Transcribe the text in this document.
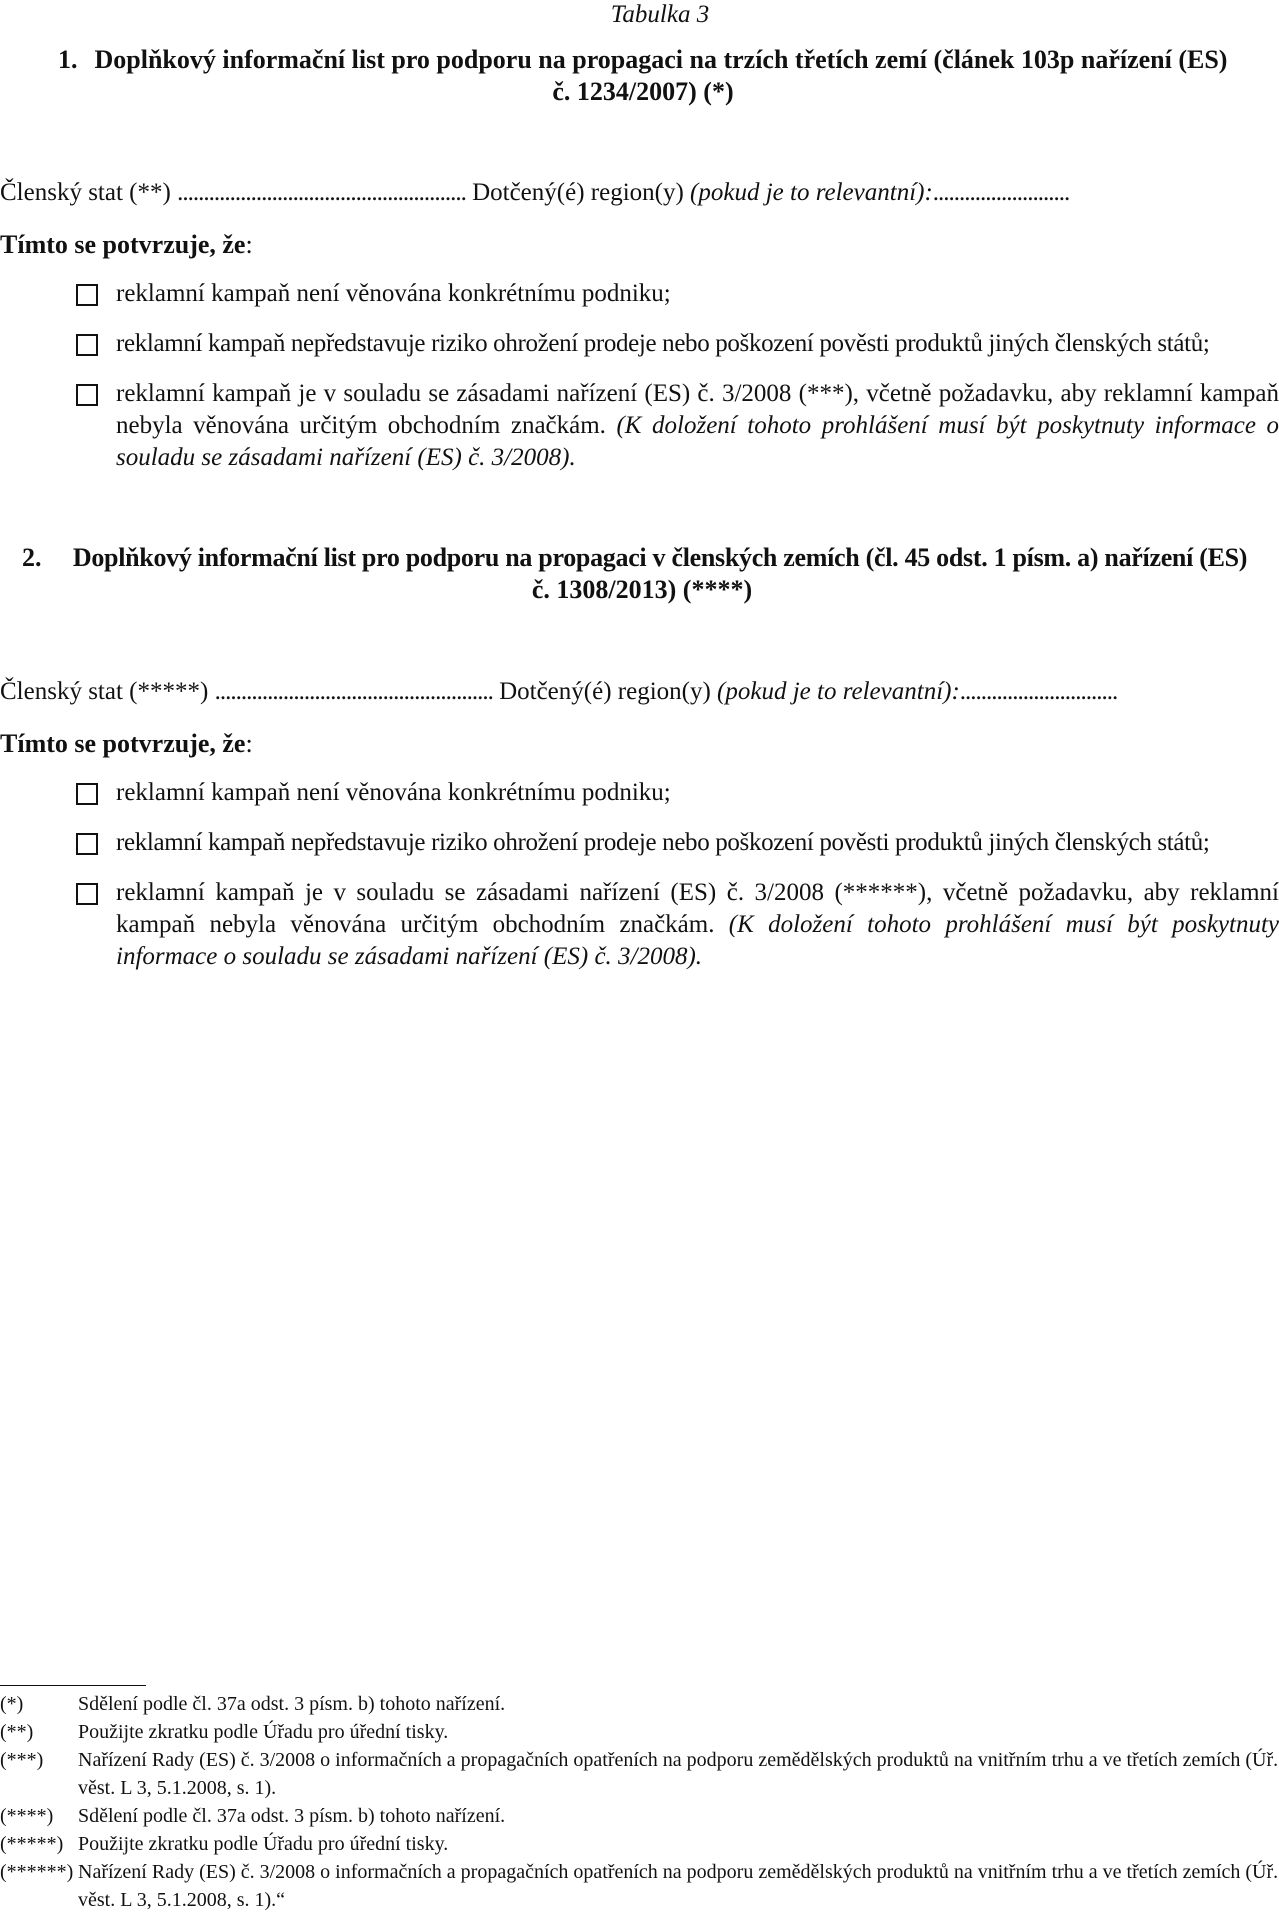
Tabulka 3
1. Doplňkový informační list pro podporu na propagaci na trzích třetích zemí (článek 103p nařízení (ES)
č. 1234/2007) (*)
Členský stat (**) ....................................................... Dotčený(é) region(y) (pokud je to relevantní):..........................
Tímto se potvrzuje, že:
reklamní kampaň není věnována konkrétnímu podniku;
reklamní kampaň nepředstavuje riziko ohrožení prodeje nebo poškození pověsti produktů jiných členských států;
reklamní kampaň je v souladu se zásadami nařízení (ES) č. 3/2008 (***), včetně požadavku, aby reklamní kampaň nebyla věnována určitým obchodním značkám. (K doložení tohoto prohlášení musí být poskytnuty informace o souladu se zásadami nařízení (ES) č. 3/2008).
2.	Doplňkový informační list pro podporu na propagaci v členských zemích (čl. 45 odst. 1 písm. a) nařízení (ES)
č. 1308/2013) (****)
Členský stat (*****) ..................................................... Dotčený(é) region(y) (pokud je to relevantní):..............................
Tímto se potvrzuje, že:
reklamní kampaň není věnována konkrétnímu podniku;
reklamní kampaň nepředstavuje riziko ohrožení prodeje nebo poškození pověsti produktů jiných členských států;
reklamní kampaň je v souladu se zásadami nařízení (ES) č. 3/2008 (******), včetně požadavku, aby reklamní kampaň nebyla věnována určitým obchodním značkám. (K doložení tohoto prohlášení musí být poskytnuty informace o souladu se zásadami nařízení (ES) č. 3/2008).
(*)	Sdělení podle čl. 37a odst. 3 písm. b) tohoto nařízení.
(**) Použijte zkratku podle Úřadu pro úřední tisky.
(***) Nařízení Rady (ES) č. 3/2008 o informačních a propagačních opatřeních na podporu zemědělských produktů na vnitřním trhu a ve třetích zemích (Úř. věst. L 3, 5.1.2008, s. 1).
(****) Sdělení podle čl. 37a odst. 3 písm. b) tohoto nařízení.
(*****) Použijte zkratku podle Úřadu pro úřední tisky.
(******) Nařízení Rady (ES) č. 3/2008 o informačních a propagačních opatřeních na podporu zemědělských produktů na vnitřním trhu a ve třetích zemích (Úř. věst. L 3, 5.1.2008, s. 1).“
